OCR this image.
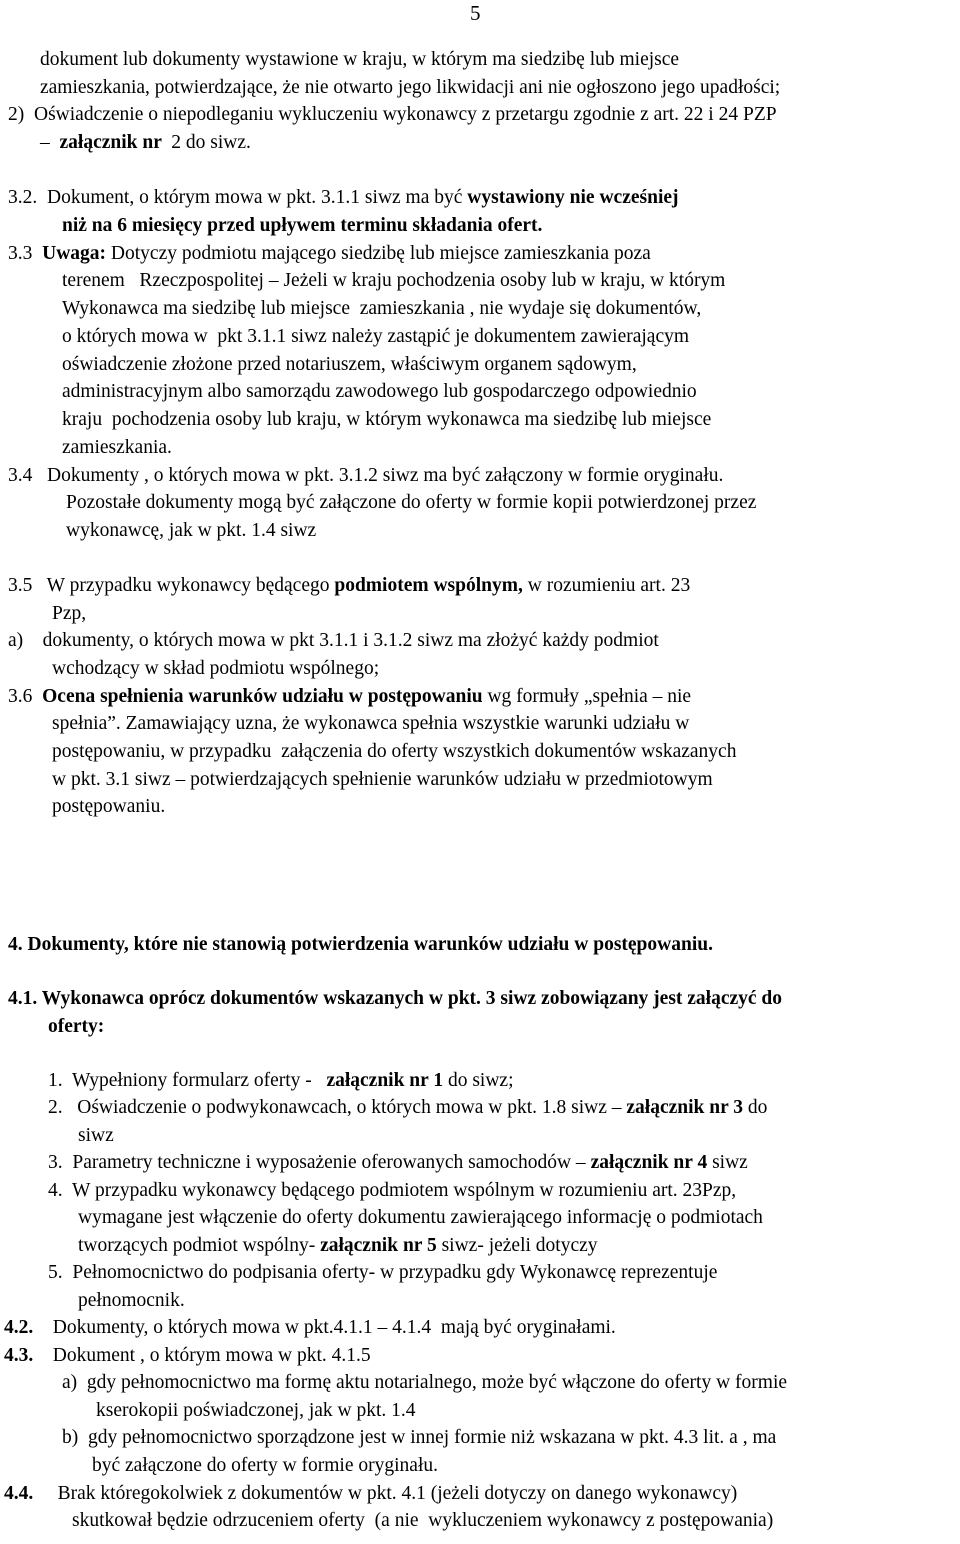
5
dokument lub dokumenty wystawione w kraju, w którym ma siedzibę lub miejsce
zamieszkania, potwierdzające, że nie otwarto jego likwidacji ani nie ogłoszono jego upadłości;
2)  Oświadczenie o niepodleganiu wykluczeniu wykonawcy z przetargu zgodnie z art. 22 i 24 PZP
–  załącznik nr  2 do siwz.
3.2.  Dokument, o którym mowa w pkt. 3.1.1 siwz ma być wystawiony nie wcześniej
niż na 6 miesięcy przed upływem terminu składania ofert.
3.3  Uwaga: Dotyczy podmiotu mającego siedzibę lub miejsce zamieszkania poza
terenem   Rzeczpospolitej – Jeżeli w kraju pochodzenia osoby lub w kraju, w którym
Wykonawca ma siedzibę lub miejsce  zamieszkania , nie wydaje się dokumentów,
o których mowa w  pkt 3.1.1 siwz należy zastąpić je dokumentem zawierającym
oświadczenie złożone przed notariuszem, właściwym organem sądowym,
administracyjnym albo samorządu zawodowego lub gospodarczego odpowiednio
kraju  pochodzenia osoby lub kraju, w którym wykonawca ma siedzibę lub miejsce
zamieszkania.
3.4   Dokumenty , o których mowa w pkt. 3.1.2 siwz ma być załączony w formie oryginału.
Pozostałe dokumenty mogą być załączone do oferty w formie kopii potwierdzonej przez
wykonawcę, jak w pkt. 1.4 siwz
3.5   W przypadku wykonawcy będącego podmiotem wspólnym, w rozumieniu art. 23
Pzp,
a)    dokumenty, o których mowa w pkt 3.1.1 i 3.1.2 siwz ma złożyć każdy podmiot
wchodzący w skład podmiotu wspólnego;
3.6  Ocena spełnienia warunków udziału w postępowaniu wg formuły „spełnia – nie
spełnia”. Zamawiający uzna, że wykonawca spełnia wszystkie warunki udziału w
postępowaniu, w przypadku  załączenia do oferty wszystkich dokumentów wskazanych
w pkt. 3.1 siwz – potwierdzających spełnienie warunków udziału w przedmiotowym
postępowaniu.
4. Dokumenty, które nie stanowią potwierdzenia warunków udziału w postępowaniu.
4.1. Wykonawca oprócz dokumentów wskazanych w pkt. 3 siwz zobowiązany jest załączyć do
oferty:
1.  Wypełniony formularz oferty -   załącznik nr 1 do siwz;
2.   Oświadczenie o podwykonawcach, o których mowa w pkt. 1.8 siwz – załącznik nr 3 do
siwz
3.  Parametry techniczne i wyposażenie oferowanych samochodów – załącznik nr 4 siwz
4.  W przypadku wykonawcy będącego podmiotem wspólnym w rozumieniu art. 23Pzp,
wymagane jest włączenie do oferty dokumentu zawierającego informację o podmiotach
tworzących podmiot wspólny- załącznik nr 5 siwz- jeżeli dotyczy
5.  Pełnomocnictwo do podpisania oferty- w przypadku gdy Wykonawcę reprezentuje
pełnomocnik.
4.2.    Dokumenty, o których mowa w pkt.4.1.1 – 4.1.4  mają być oryginałami.
4.3.    Dokument , o którym mowa w pkt. 4.1.5
a)  gdy pełnomocnictwo ma formę aktu notarialnego, może być włączone do oferty w formie
kserokopii poświadczonej, jak w pkt. 1.4
b)  gdy pełnomocnictwo sporządzone jest w innej formie niż wskazana w pkt. 4.3 lit. a , ma
być załączone do oferty w formie oryginału.
4.4.     Brak któregokolwiek z dokumentów w pkt. 4.1 (jeżeli dotyczy on danego wykonawcy)
skutkował będzie odrzuceniem oferty  (a nie  wykluczeniem wykonawcy z postępowania)
